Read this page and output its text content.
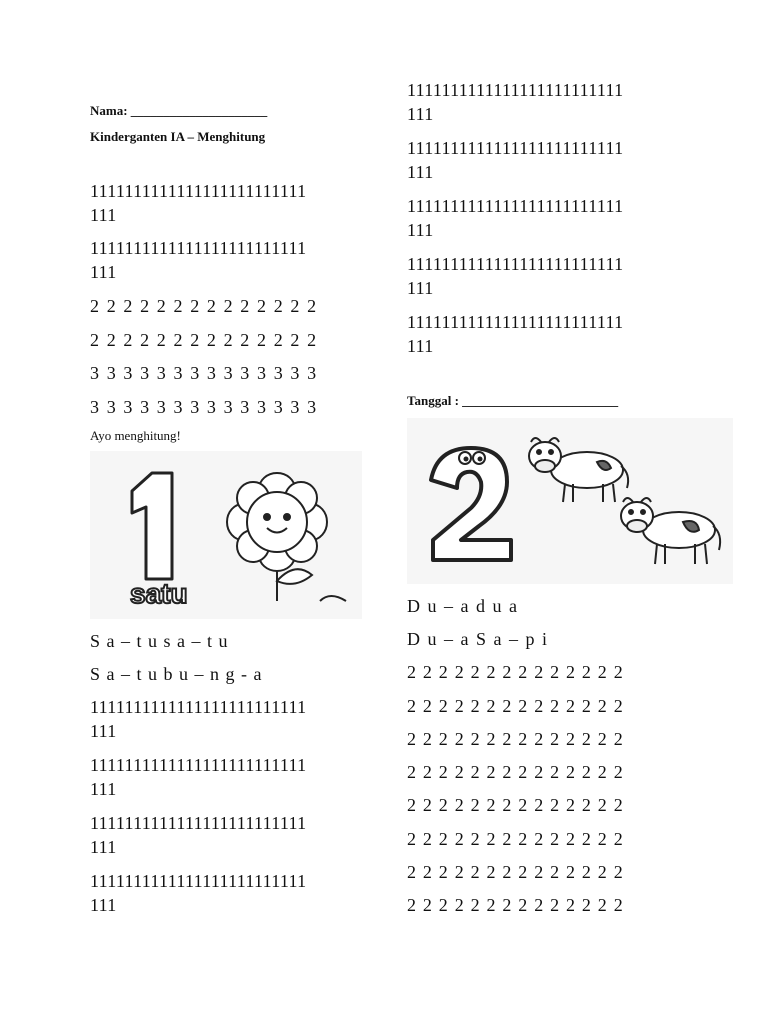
Nama: _____________________
Kinderganten IA – Menghitung
1111111111111111111111111
111
1111111111111111111111111
111
2 2 2 2 2 2 2 2 2 2 2 2 2 2
2 2 2 2 2 2 2 2 2 2 2 2 2 2
3 3 3 3 3 3 3 3 3 3 3 3 3 3
3 3 3 3 3 3 3 3 3 3 3 3 3 3
Ayo menghitung!
satu
S a – t u s a – t u
S a – t u b u – n g - a
1111111111111111111111111
111
1111111111111111111111111
111
1111111111111111111111111
111
1111111111111111111111111
111
1111111111111111111111111
111
1111111111111111111111111
111
1111111111111111111111111
111
1111111111111111111111111
111
1111111111111111111111111
111
Tanggal : ________________________
D u – a d u a
D u – a S a – p i
2 2 2 2 2 2 2 2 2 2 2 2 2 2
2 2 2 2 2 2 2 2 2 2 2 2 2 2
2 2 2 2 2 2 2 2 2 2 2 2 2 2
2 2 2 2 2 2 2 2 2 2 2 2 2 2
2 2 2 2 2 2 2 2 2 2 2 2 2 2
2 2 2 2 2 2 2 2 2 2 2 2 2 2
2 2 2 2 2 2 2 2 2 2 2 2 2 2
2 2 2 2 2 2 2 2 2 2 2 2 2 2
